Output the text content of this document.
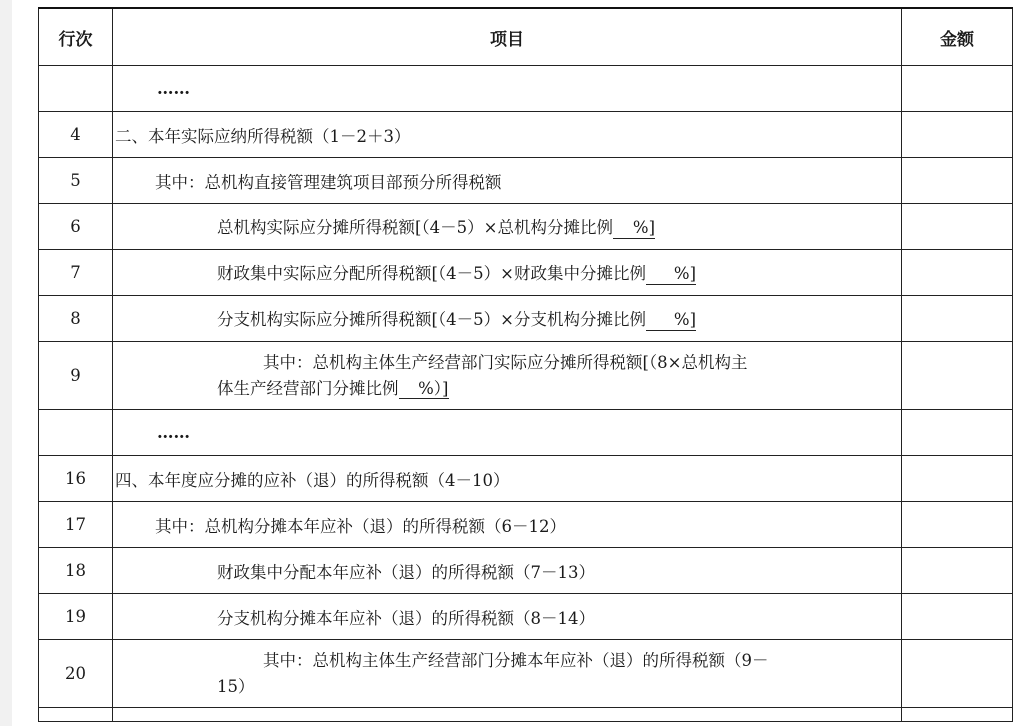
行次	项目	金额
	……	
4	二、本年实际应纳所得税额（1－2＋3）	
5	其中：总机构直接管理建筑项目部预分所得税额	
6	总机构实际应分摊所得税额[（4－5）×总机构分摊比例 %]	
7	财政集中实际应分配所得税额[（4－5）×财政集中分摊比例 %]	
8	分支机构实际应分摊所得税额[（4－5）×分支机构分摊比例 %]	
9	其中：总机构主体生产经营部门实际应分摊所得税额[（8×总机构主
体生产经营部门分摊比例 %）]	
	……	
16	四、本年度应分摊的应补（退）的所得税额（4－10）	
17	其中：总机构分摊本年应补（退）的所得税额（6－12）	
18	财政集中分配本年应补（退）的所得税额（7－13）	
19	分支机构分摊本年应补（退）的所得税额（8－14）	
20	其中：总机构主体生产经营部门分摊本年应补（退）的所得税额（9－
15）	
